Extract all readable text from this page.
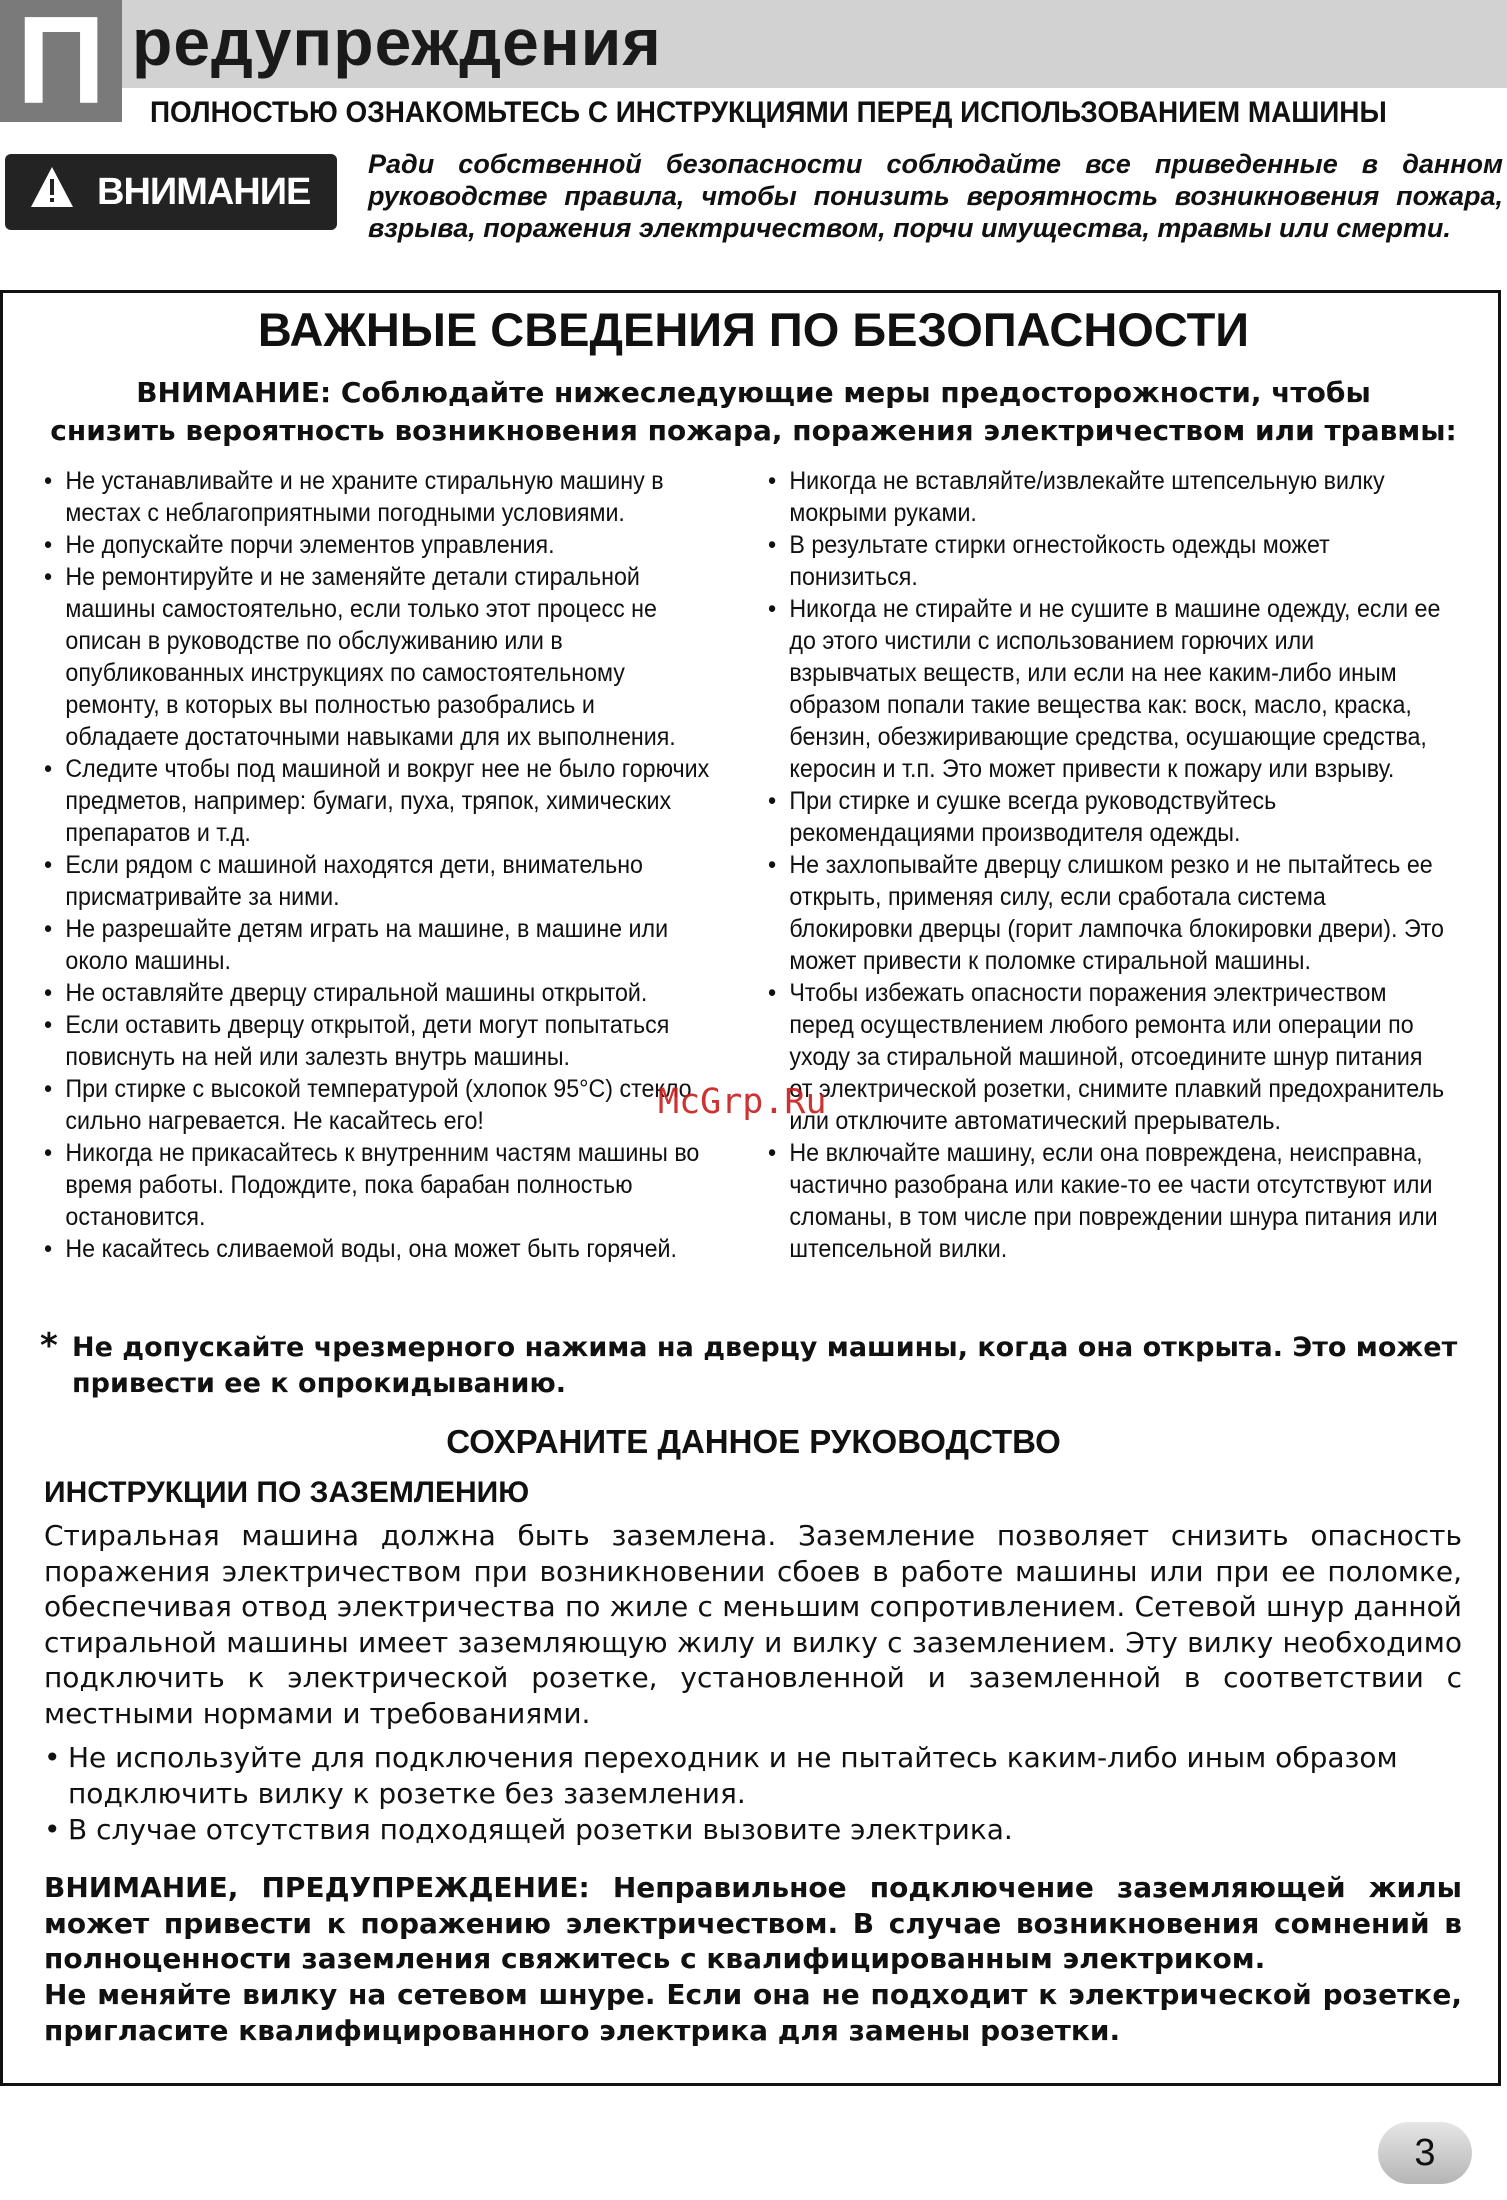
П редупреждения
ПОЛНОСТЬЮ ОЗНАКОМЬТЕСЬ С ИНСТРУКЦИЯМИ ПЕРЕД ИСПОЛЬЗОВАНИЕМ МАШИНЫ
ВНИМАНИЕ
Ради собственной безопасности соблюдайте все приведенные в данном руководстве правила, чтобы понизить вероятность возникновения пожара, взрыва, поражения электричеством, порчи имущества, травмы или смерти.
ВАЖНЫЕ СВЕДЕНИЯ ПО БЕЗОПАСНОСТИ
ВНИМАНИЕ: Соблюдайте нижеследующие меры предосторожности, чтобы
снизить вероятность возникновения пожара, поражения электричеством или травмы:
• Не устанавливайте и не храните стиральную машину в местах с неблагоприятными погодными условиями.
• Не допускайте порчи элементов управления.
• Не ремонтируйте и не заменяйте детали стиральной машины самостоятельно, если только этот процесс не описан в руководстве по обслуживанию или в опубликованных инструкциях по самостоятельному ремонту, в которых вы полностью разобрались и обладаете достаточными навыками для их выполнения.
• Следите чтобы под машиной и вокруг нее не было горючих предметов, например: бумаги, пуха, тряпок, химических препаратов и т.д.
• Если рядом с машиной находятся дети, внимательно присматривайте за ними.
• Не разрешайте детям играть на машине, в машине или около машины.
• Не оставляйте дверцу стиральной машины открытой.
• Если оставить дверцу открытой, дети могут попытаться повиснуть на ней или залезть внутрь машины.
• При стирке с высокой температурой (хлопок 95°С) стекло сильно нагревается. Не касайтесь его!
• Никогда не прикасайтесь к внутренним частям машины во время работы. Подождите, пока барабан полностью остановится.
• Не касайтесь сливаемой воды, она может быть горячей.
• Никогда не вставляйте/извлекайте штепсельную вилку мокрыми руками.
• В результате стирки огнестойкость одежды может понизиться.
• Никогда не стирайте и не сушите в машине одежду, если ее до этого чистили с использованием горючих или взрывчатых веществ, или если на нее каким-либо иным образом попали такие вещества как: воск, масло, краска, бензин, обезжиривающие средства, осушающие средства, керосин и т.п. Это может привести к пожару или взрыву.
• При стирке и сушке всегда руководствуйтесь рекомендациями производителя одежды.
• Не захлопывайте дверцу слишком резко и не пытайтесь ее открыть, применяя силу, если сработала система блокировки дверцы (горит лампочка блокировки двери). Это может привести к поломке стиральной машины.
• Чтобы избежать опасности поражения электричеством перед осуществлением любого ремонта или операции по уходу за стиральной машиной, отсоедините шнур питания от электрической розетки, снимите плавкий предохранитель или отключите автоматический прерыватель.
• Не включайте машину, если она повреждена, неисправна, частично разобрана или какие-то ее части отсутствуют или сломаны, в том числе при повреждении шнура питания или штепсельной вилки.
* Не допускайте чрезмерного нажима на дверцу машины, когда она открыта. Это может привести ее к опрокидыванию.
СОХРАНИТЕ ДАННОЕ РУКОВОДСТВО
ИНСТРУКЦИИ ПО ЗАЗЕМЛЕНИЮ

Стиральная машина должна быть заземлена. Заземление позволяет снизить опасность поражения электричеством при возникновении сбоев в работе машины или при ее поломке, обеспечивая отвод электричества по жиле с меньшим сопротивлением. Сетевой шнур данной стиральной машины имеет заземляющую жилу и вилку с заземлением. Эту вилку необходимо подключить к электрической розетке, установленной и заземленной в соответствии с местными нормами и требованиями.

• Не используйте для подключения переходник и не пытайтесь каким-либо иным образом подключить вилку к розетке без заземления.
• В случае отсутствия подходящей розетки вызовите электрика.

ВНИМАНИЕ, ПРЕДУПРЕЖДЕНИЕ: Неправильное подключение заземляющей жилы может привести к поражению электричеством. В случае возникновения сомнений в полноценности заземления свяжитесь с квалифицированным электриком.

Не меняйте вилку на сетевом шнуре. Если она не подходит к электрической розетке, пригласите квалифицированного электрика для замены розетки.

McGrp.Ru
3
